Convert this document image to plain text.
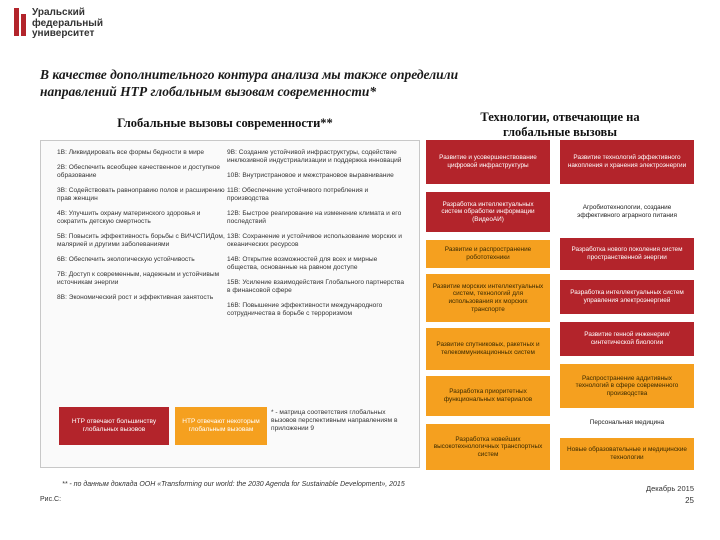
Уральский
федеральный
университет
В качестве дополнительного контура анализа мы также определили
направлений НТР глобальным вызовам современности*
Глобальные вызовы современности**	Технологии, отвечающие на
глобальные вызовы
1В: Ликвидировать все формы бедности в мире
2В: Обеспечить всеобщее качественное и доступное образование
3В: Содействовать равноправию полов и расширению прав женщин
4В: Улучшить охрану материнского здоровья и сократить детскую смертность
5В: Повысить эффективность борьбы с ВИЧ/СПИДом, малярией и другими заболеваниями
6В: Обеспечить экологическую устойчивость
7В: Доступ к современным, надежным и устойчивым источникам энергии
8В: Экономический рост и эффективная занятость
9В: Создание устойчивой инфраструктуры, содействие инклюзивной индустриализации и поддержка инноваций
10В: Внутристрановое и межстрановое выравнивание
11В: Обеспечение устойчивого потребления и производства
12В: Быстрое реагирование на изменение климата и его последствий
13В: Сохранение и устойчивое использование морских и океанических ресурсов
14В: Открытие возможностей для всех и мирные общества, основанные на равном доступе
15В: Усиление взаимодействия Глобального партнерства в финансовой сфере
16В: Повышение эффективности международного сотрудничества в борьбе с терроризмом
НТР отвечают большинству глобальных вызовов
НТР отвечают некоторым глобальным вызовам
* - матрица соответствия глобальных вызовов перспективным направлениям в приложении 9
Развитие и усовершенствование цифровой инфраструктуры
Развитие технологий эффективного накопления и хранения электроэнергии
Разработка интеллектуальных систем обработки информации (ВидеоАИ)
Агробиотехнологии, создание эффективного аграрного питания
Развитие и распространение робототехники
Разработка нового поколения систем пространственной энергии
Развитие морских интеллектуальных систем, технологий для использования их морских транспорте
Разработка интеллектуальных систем управления электроэнергией
Развитие спутниковых, ракетных и телекоммуникационных систем
Развитие генной инженерии/синтетической биологии
Разработка приоритетных функциональных материалов
Распространение аддитивных технологий в сфере современного производства
Персональная медицина
Разработка новейших высокотехнологичных транспортных систем
Новые образовательные и медицинские технологии
** - по данным доклада ООН «Transforming our world: the 2030 Agenda for Sustainable Development», 2015
Рис.С:
Декабрь 2015
25
